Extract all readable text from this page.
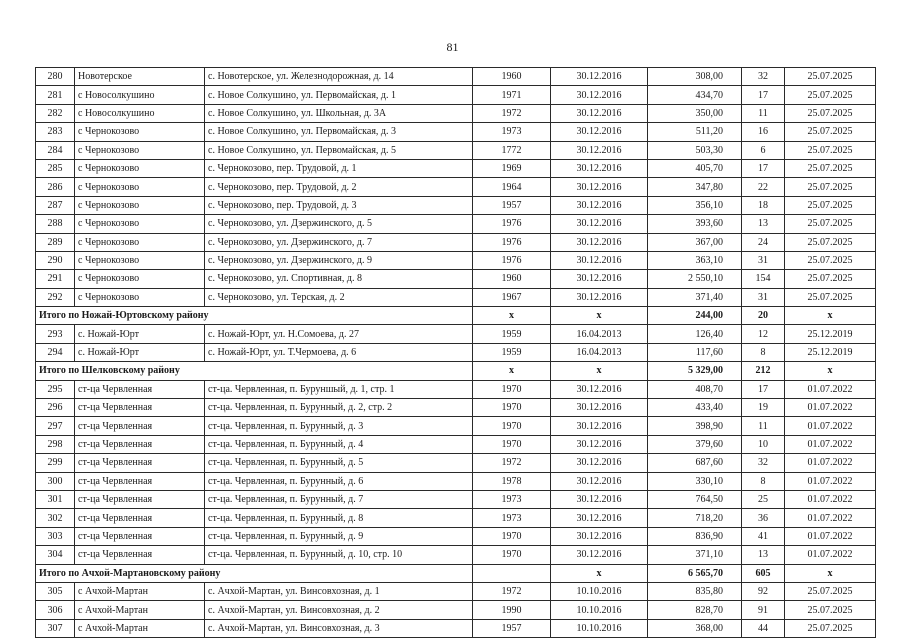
81
280	Новотерское	с. Новотерское, ул. Железнодорожная, д. 14	1960	30.12.2016	308,00	32	25.07.2025
281	с Новосолкушино	с. Новое Солкушино, ул. Первомайская, д. 1	1971	30.12.2016	434,70	17	25.07.2025
282	с Новосолкушино	с. Новое Солкушино, ул. Школьная, д. 3А	1972	30.12.2016	350,00	11	25.07.2025
283	с Чернокозово	с. Новое Солкушино, ул. Первомайская, д. 3	1973	30.12.2016	511,20	16	25.07.2025
284	с Чернокозово	с. Новое Солкушино, ул. Первомайская, д. 5	1772	30.12.2016	503,30	6	25.07.2025
285	с Чернокозово	с. Чернокозово, пер. Трудовой, д. 1	1969	30.12.2016	405,70	17	25.07.2025
286	с Чернокозово	с. Чернокозово, пер. Трудовой, д. 2	1964	30.12.2016	347,80	22	25.07.2025
287	с Чернокозово	с. Чернокозово, пер. Трудовой, д. 3	1957	30.12.2016	356,10	18	25.07.2025
288	с Чернокозово	с. Чернокозово, ул. Дзержинского, д. 5	1976	30.12.2016	393,60	13	25.07.2025
289	с Чернокозово	с. Чернокозово, ул. Дзержинского, д. 7	1976	30.12.2016	367,00	24	25.07.2025
290	с Чернокозово	с. Чернокозово, ул. Дзержинского, д. 9	1976	30.12.2016	363,10	31	25.07.2025
291	с Чернокозово	с. Чернокозово, ул. Спортивная, д. 8	1960	30.12.2016	2 550,10	154	25.07.2025
292	с Чернокозово	с. Чернокозово, ул. Терская, д. 2	1967	30.12.2016	371,40	31	25.07.2025
Итого по Ножай-Юртовскому району			x	x	244,00	20	x
293	с. Ножай-Юрт	с. Ножай-Юрт, ул. Н.Сомоева, д. 27	1959	16.04.2013	126,40	12	25.12.2019
294	с. Ножай-Юрт	с. Ножай-Юрт, ул. Т.Чермоева, д. 6	1959	16.04.2013	117,60	8	25.12.2019
Итого по Шелковскому району			x	x	5 329,00	212	x
295	ст-ца Червленная	ст-ца. Червленная, п. Буруншый, д. 1, стр. 1	1970	30.12.2016	408,70	17	01.07.2022
296	ст-ца Червленная	ст-ца. Червленная, п. Бурунный, д. 2, стр. 2	1970	30.12.2016	433,40	19	01.07.2022
297	ст-ца Червленная	ст-ца. Червленная, п. Бурунный, д. 3	1970	30.12.2016	398,90	11	01.07.2022
298	ст-ца Червленная	ст-ца. Червленная, п. Бурунный, д. 4	1970	30.12.2016	379,60	10	01.07.2022
299	ст-ца Червленная	ст-ца. Червленная, п. Бурунный, д. 5	1972	30.12.2016	687,60	32	01.07.2022
300	ст-ца Червленная	ст-ца. Червленная, п. Бурунный, д. 6	1978	30.12.2016	330,10	8	01.07.2022
301	ст-ца Червленная	ст-ца. Червленная, п. Бурунный, д. 7	1973	30.12.2016	764,50	25	01.07.2022
302	ст-ца Червленная	ст-ца. Червленная, п. Бурунный, д. 8	1973	30.12.2016	718,20	36	01.07.2022
303	ст-ца Червленная	ст-ца. Червленная, п. Бурунный, д. 9	1970	30.12.2016	836,90	41	01.07.2022
304	ст-ца Червленная	ст-ца. Червленная, п. Бурунный, д. 10, стр. 10	1970	30.12.2016	371,10	13	01.07.2022
Итого по Ачхой-Мартановскому району				x	6 565,70	605	x
305	с Ачхой-Мартан	с. Ачхой-Мартан, ул. Винсовхозная, д. 1	1972	10.10.2016	835,80	92	25.07.2025
306	с Ачхой-Мартан	с. Ачхой-Мартан, ул. Винсовхозная, д. 2	1990	10.10.2016	828,70	91	25.07.2025
307	с Ачхой-Мартан	с. Ачхой-Мартан, ул. Винсовхозная, д. 3	1957	10.10.2016	368,00	44	25.07.2025
